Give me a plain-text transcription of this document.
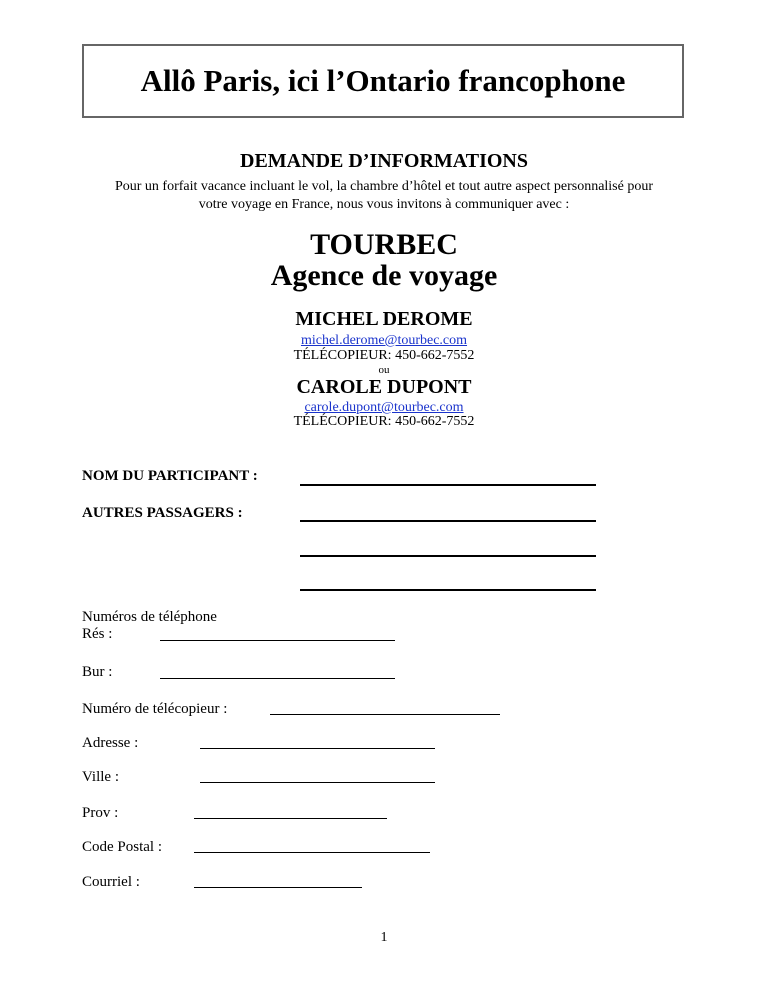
Allô Paris, ici l’Ontario francophone
DEMANDE D’INFORMATIONS
Pour un forfait vacance incluant le vol, la chambre d’hôtel et tout autre aspect personnalisé pour
votre voyage en France, nous vous invitons à communiquer avec :
TOURBEC
Agence de voyage
MICHEL DEROME
michel.derome@tourbec.com
TÉLÉCOPIEUR: 450-662-7552
ou
CAROLE DUPONT
carole.dupont@tourbec.com
TÉLÉCOPIEUR: 450-662-7552
NOM DU PARTICIPANT :
AUTRES PASSAGERS :
Numéros de téléphone
Rés :
Bur :
Numéro de télécopieur :
Adresse :
Ville :
Prov :
Code Postal :
Courriel :
1
